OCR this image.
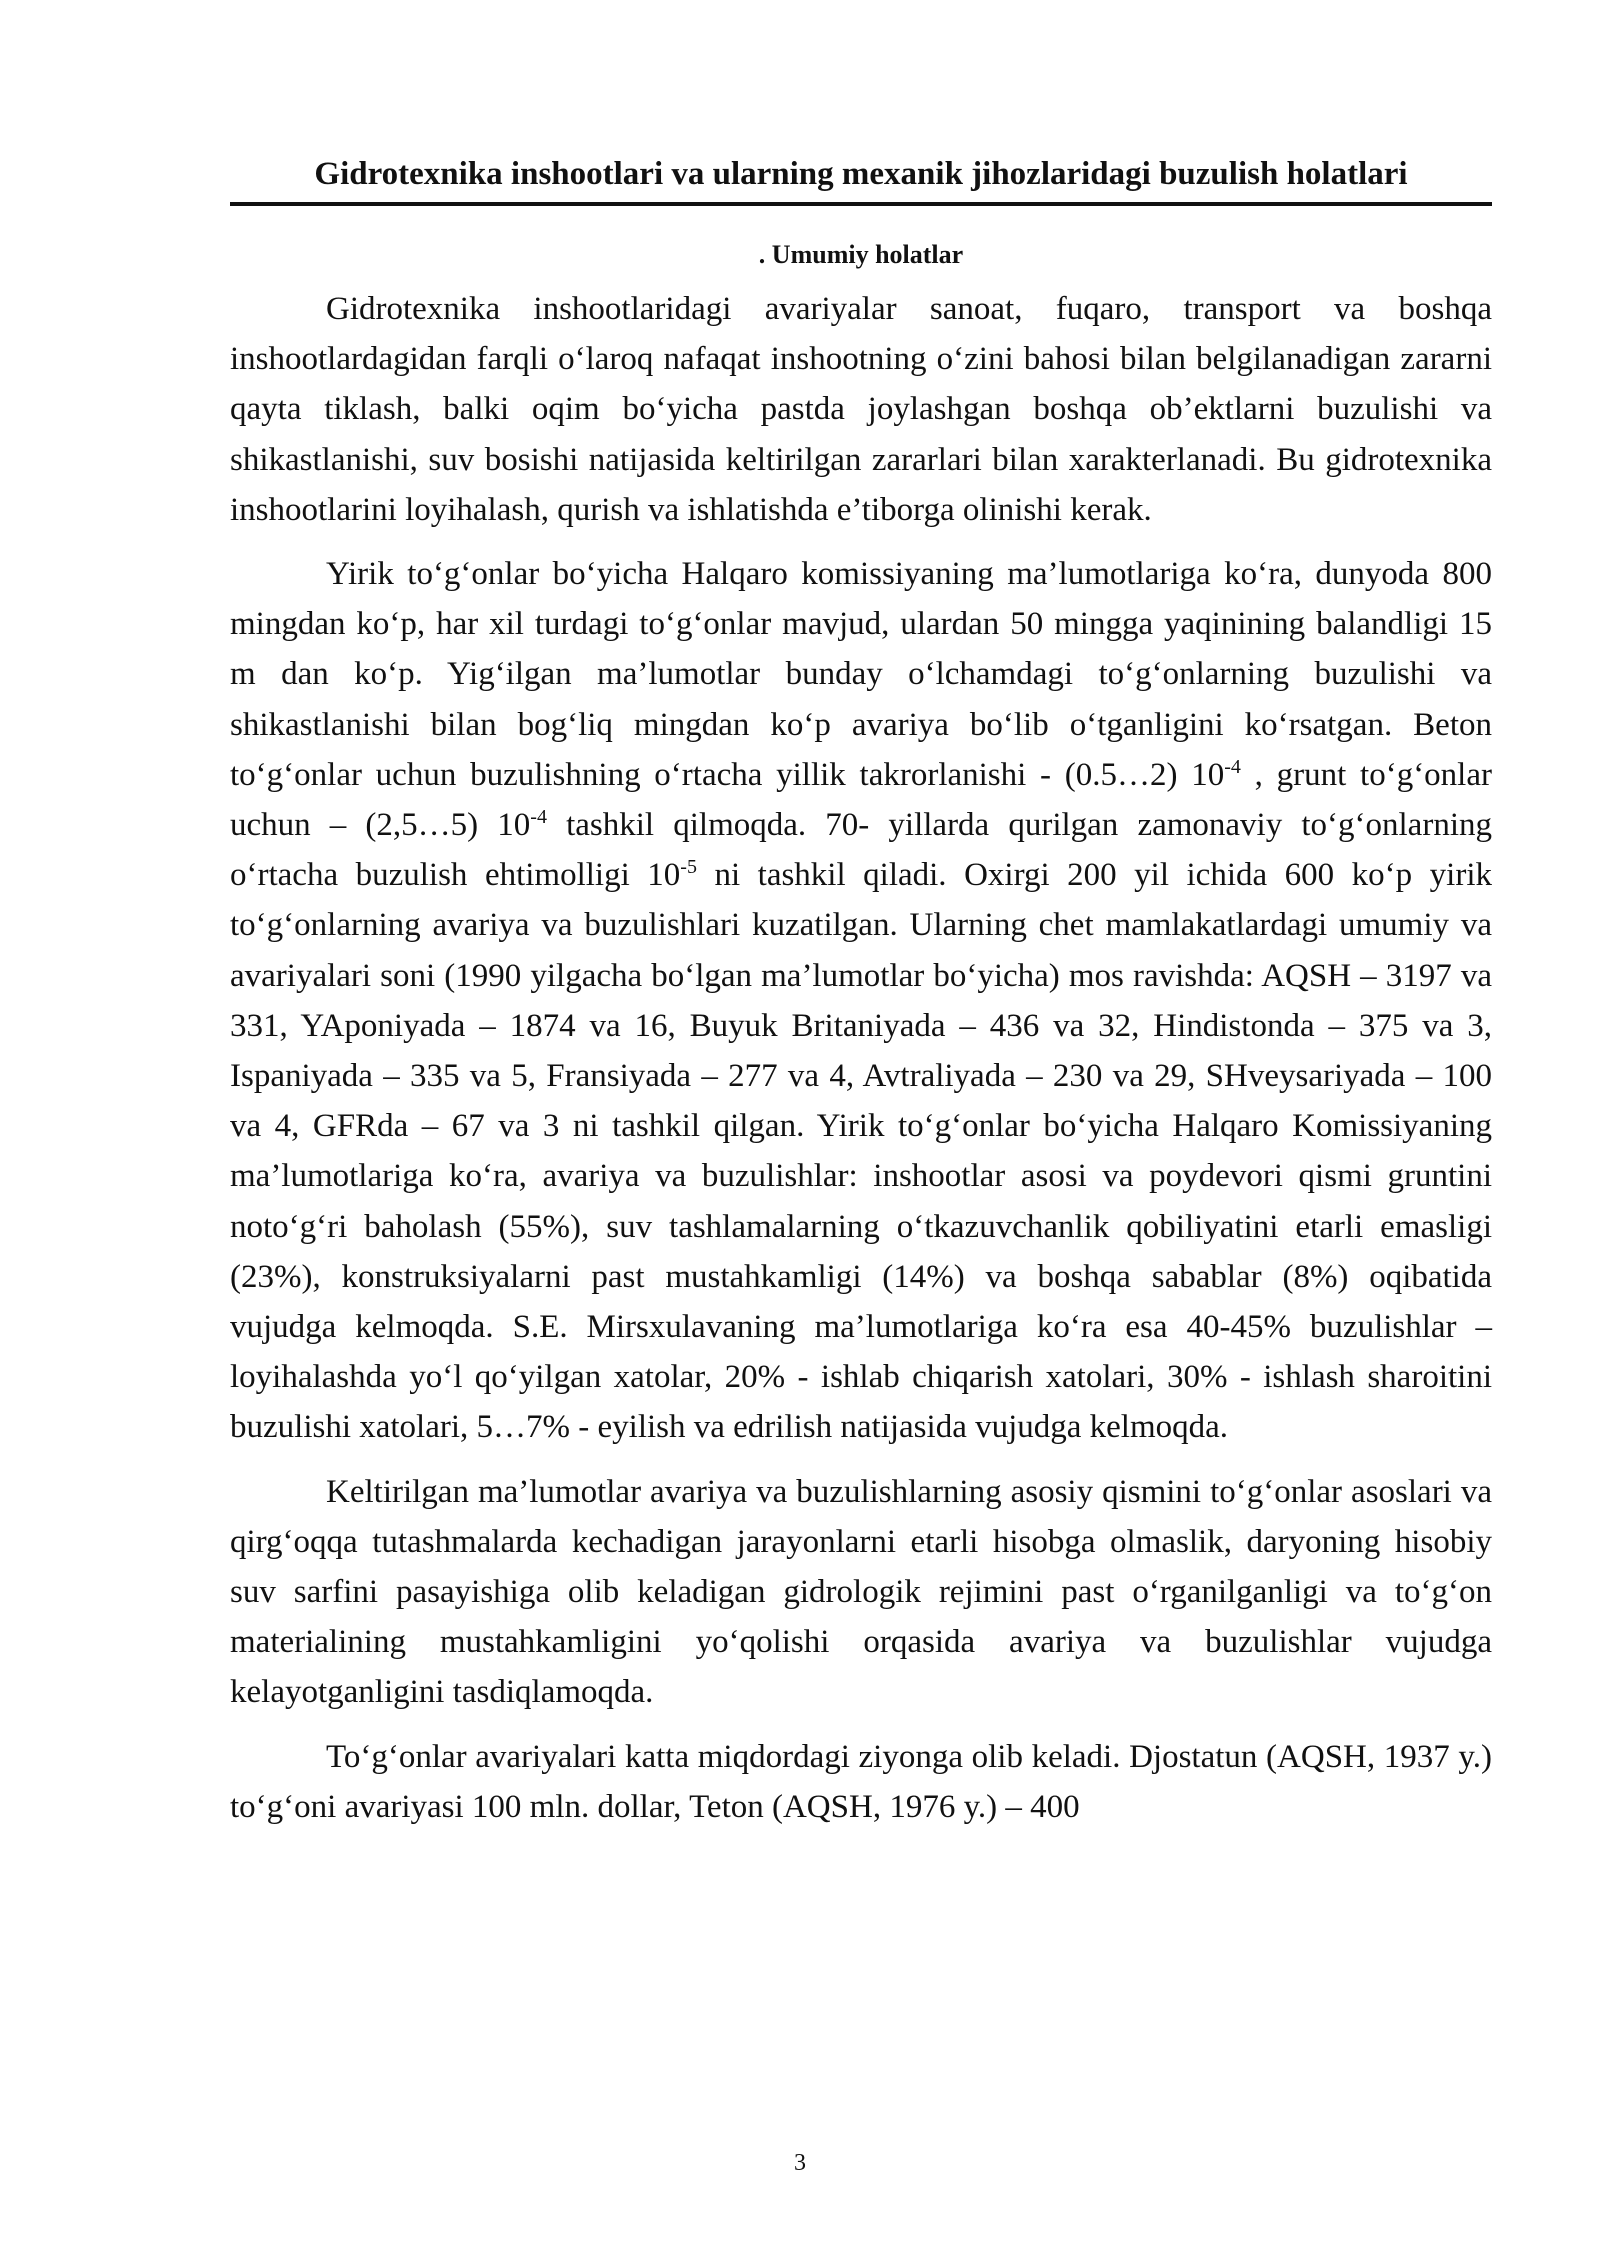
Gidrotexnika inshootlari va ularning mexanik jihozlaridagi buzulish holatlari
. Umumiy holatlar

Gidrotexnika inshootlaridagi avariyalar sanoat, fuqaro, transport va boshqa inshootlardagidan farqli o‘laroq nafaqat inshootning o‘zini bahosi bilan belgilanadigan zararni qayta tiklash, balki oqim bo‘yicha pastda joylashgan boshqa ob’ektlarni buzulishi va shikastlanishi, suv bosishi natijasida keltirilgan zararlari bilan xarakterlanadi. Bu gidrotexnika inshootlarini loyihalash, qurish va ishlatishda e’tiborga olinishi kerak.

Yirik to‘g‘onlar bo‘yicha Halqaro komissiyaning ma’lumotlariga ko‘ra, dunyoda 800 mingdan ko‘p, har xil turdagi to‘g‘onlar mavjud, ulardan 50 mingga yaqinining balandligi 15 m dan ko‘p. Yig‘ilgan ma’lumotlar bunday o‘lchamdagi to‘g‘onlarning buzulishi va shikastlanishi bilan bog‘liq mingdan ko‘p avariya bo‘lib o‘tganligini ko‘rsatgan. Beton to‘g‘onlar uchun buzulishning o‘rtacha yillik takrorlanishi - (0.5…2) $10^{-4}$ , grunt to‘g‘onlar uchun – (2,5…5) $10^{-4}$ tashkil qilmoqda. 70- yillarda qurilgan zamonaviy to‘g‘onlarning o‘rtacha buzulish ehtimolligi $10^{-5}$ ni tashkil qiladi. Oxirgi 200 yil ichida 600 ko‘p yirik to‘g‘onlarning avariya va buzulishlari kuzatilgan. Ularning chet mamlakatlardagi umumiy va avariyalari soni (1990 yilgacha bo‘lgan ma’lumotlar bo‘yicha) mos ravishda: AQSH – 3197 va 331, YAponiyada – 1874 va 16, Buyuk Britaniyada – 436 va 32, Hindistonda – 375 va 3, Ispaniyada – 335 va 5, Fransiyada – 277 va 4, Avtraliyada – 230 va 29, SHveysariyada – 100 va 4, GFRda – 67 va 3 ni tashkil qilgan. Yirik to‘g‘onlar bo‘yicha Halqaro Komissiyaning ma’lumotlariga ko‘ra, avariya va buzulishlar: inshootlar asosi va poydevori qismi gruntini noto‘g‘ri baholash (55%), suv tashlamalarning o‘tkazuvchanlik qobiliyatini etarli emasligi (23%), konstruksiyalarni past mustahkamligi (14%) va boshqa sabablar (8%) oqibatida vujudga kelmoqda. S.E. Mirsxulavaning ma’lumotlariga ko‘ra esa 40-45% buzulishlar – loyihalashda yo‘l qo‘yilgan xatolar, 20% - ishlab chiqarish xatolari, 30% - ishlash sharoitini buzulishi xatolari, 5…7% - eyilish va edrilish natijasida vujudga kelmoqda.

Keltirilgan ma’lumotlar avariya va buzulishlarning asosiy qismini to‘g‘onlar asoslari va qirg‘oqqa tutashmalarda kechadigan jarayonlarni etarli hisobga olmaslik, daryoning hisobiy suv sarfini pasayishiga olib keladigan gidrologik rejimini past o‘rganilganligi va to‘g‘on materialining mustahkamligini yo‘qolishi orqasida avariya va buzulishlar vujudga kelayotganligini tasdiqlamoqda.

To‘g‘onlar avariyalari katta miqdordagi ziyonga olib keladi. Djostatun (AQSH, 1937 y.) to‘g‘oni avariyasi 100 mln. dollar, Teton (AQSH, 1976 y.) – 400

3
